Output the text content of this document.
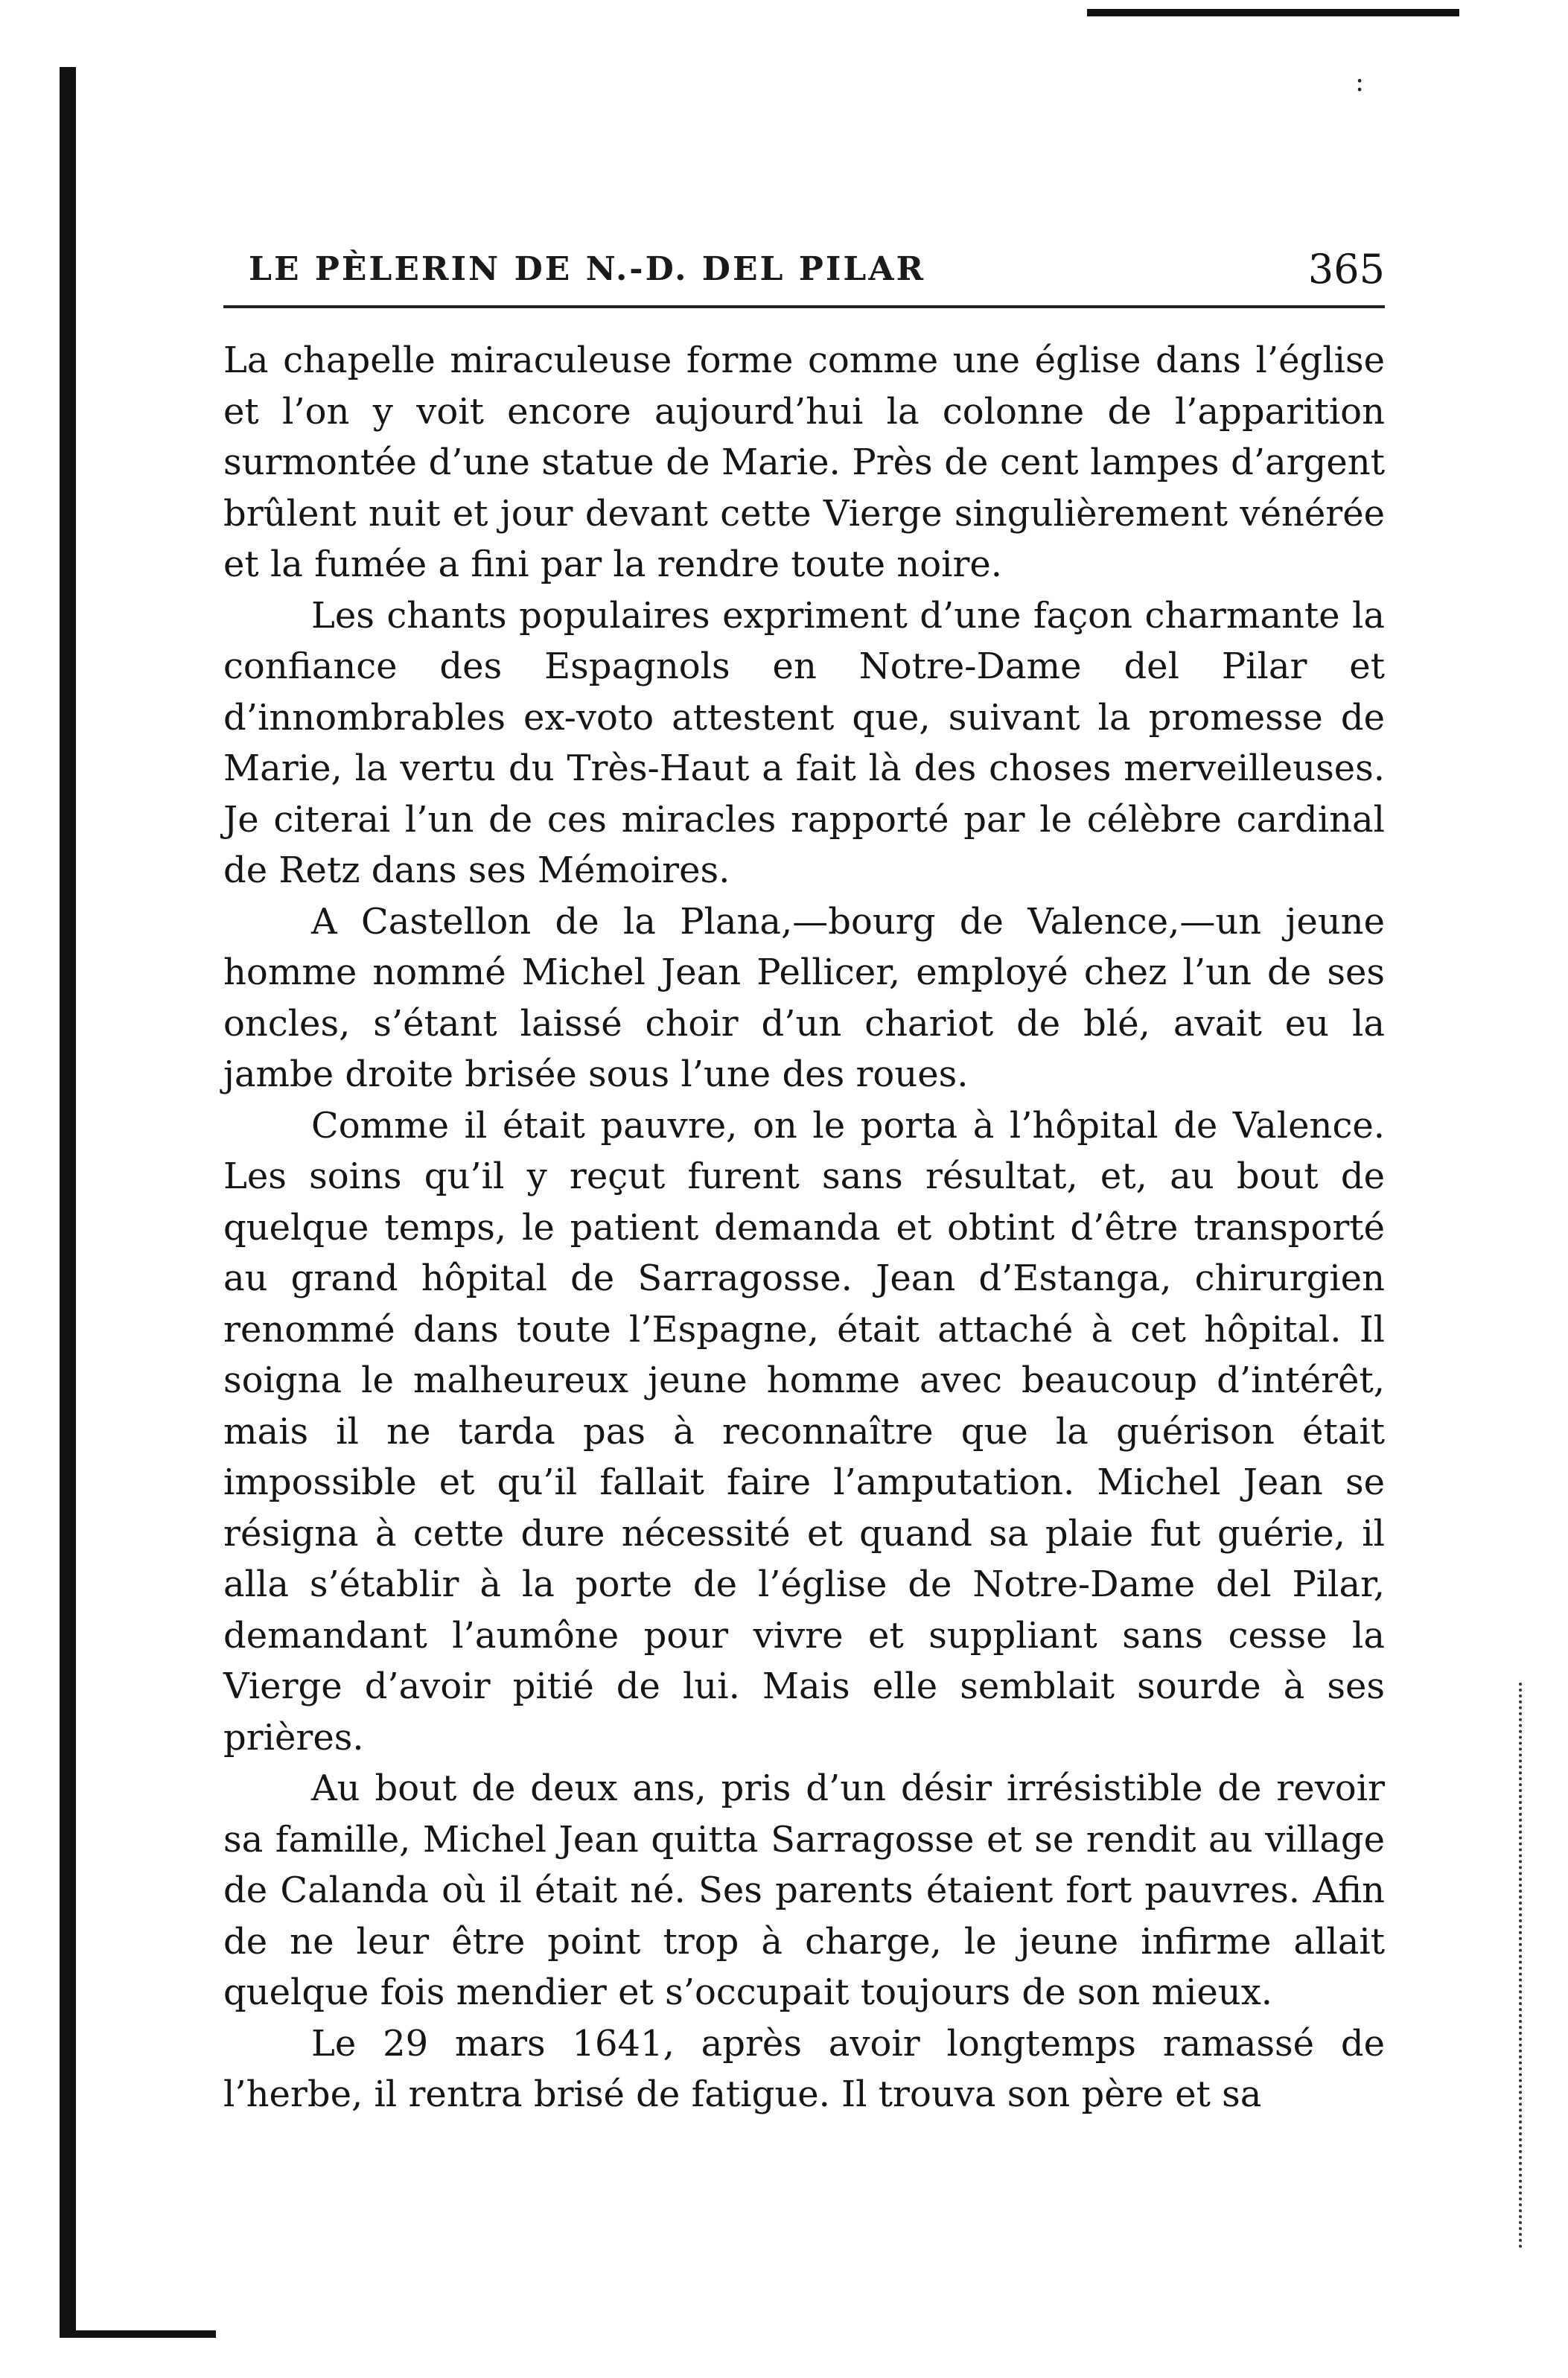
:
LE PÈLERIN DE N.-D. DEL PILAR	365

La chapelle miraculeuse forme comme une église dans l’église et l’on y voit encore aujourd’hui la colonne de l’apparition surmontée d’une statue de Marie. Près de cent lampes d’argent brûlent nuit et jour devant cette Vierge singulièrement vénérée et la fumée a fini par la rendre toute noire.

Les chants populaires expriment d’une façon charmante la confiance des Espagnols en Notre-Dame del Pilar et d’innombrables ex-voto attestent que, suivant la promesse de Marie, la vertu du Très-Haut a fait là des choses merveilleuses. Je citerai l’un de ces miracles rapporté par le célèbre cardinal de Retz dans ses Mémoires.

A Castellon de la Plana,—bourg de Valence,—un jeune homme nommé Michel Jean Pellicer, employé chez l’un de ses oncles, s’étant laissé choir d’un chariot de blé, avait eu la jambe droite brisée sous l’une des roues.

Comme il était pauvre, on le porta à l’hôpital de Valence. Les soins qu’il y reçut furent sans résultat, et, au bout de quelque temps, le patient demanda et obtint d’être transporté au grand hôpital de Sarragosse. Jean d’Estanga, chirurgien renommé dans toute l’Espagne, était attaché à cet hôpital. Il soigna le malheureux jeune homme avec beaucoup d’intérêt, mais il ne tarda pas à reconnaître que la guérison était impossible et qu’il fallait faire l’amputation. Michel Jean se résigna à cette dure nécessité et quand sa plaie fut guérie, il alla s’établir à la porte de l’église de Notre-Dame del Pilar, demandant l’aumône pour vivre et suppliant sans cesse la Vierge d’avoir pitié de lui. Mais elle semblait sourde à ses prières.

Au bout de deux ans, pris d’un désir irrésistible de revoir sa famille, Michel Jean quitta Sarragosse et se rendit au village de Calanda où il était né. Ses parents étaient fort pauvres. Afin de ne leur être point trop à charge, le jeune infirme allait quelque fois mendier et s’occupait toujours de son mieux.

Le 29 mars 1641, après avoir longtemps ramassé de l’herbe, il rentra brisé de fatigue. Il trouva son père et sa
